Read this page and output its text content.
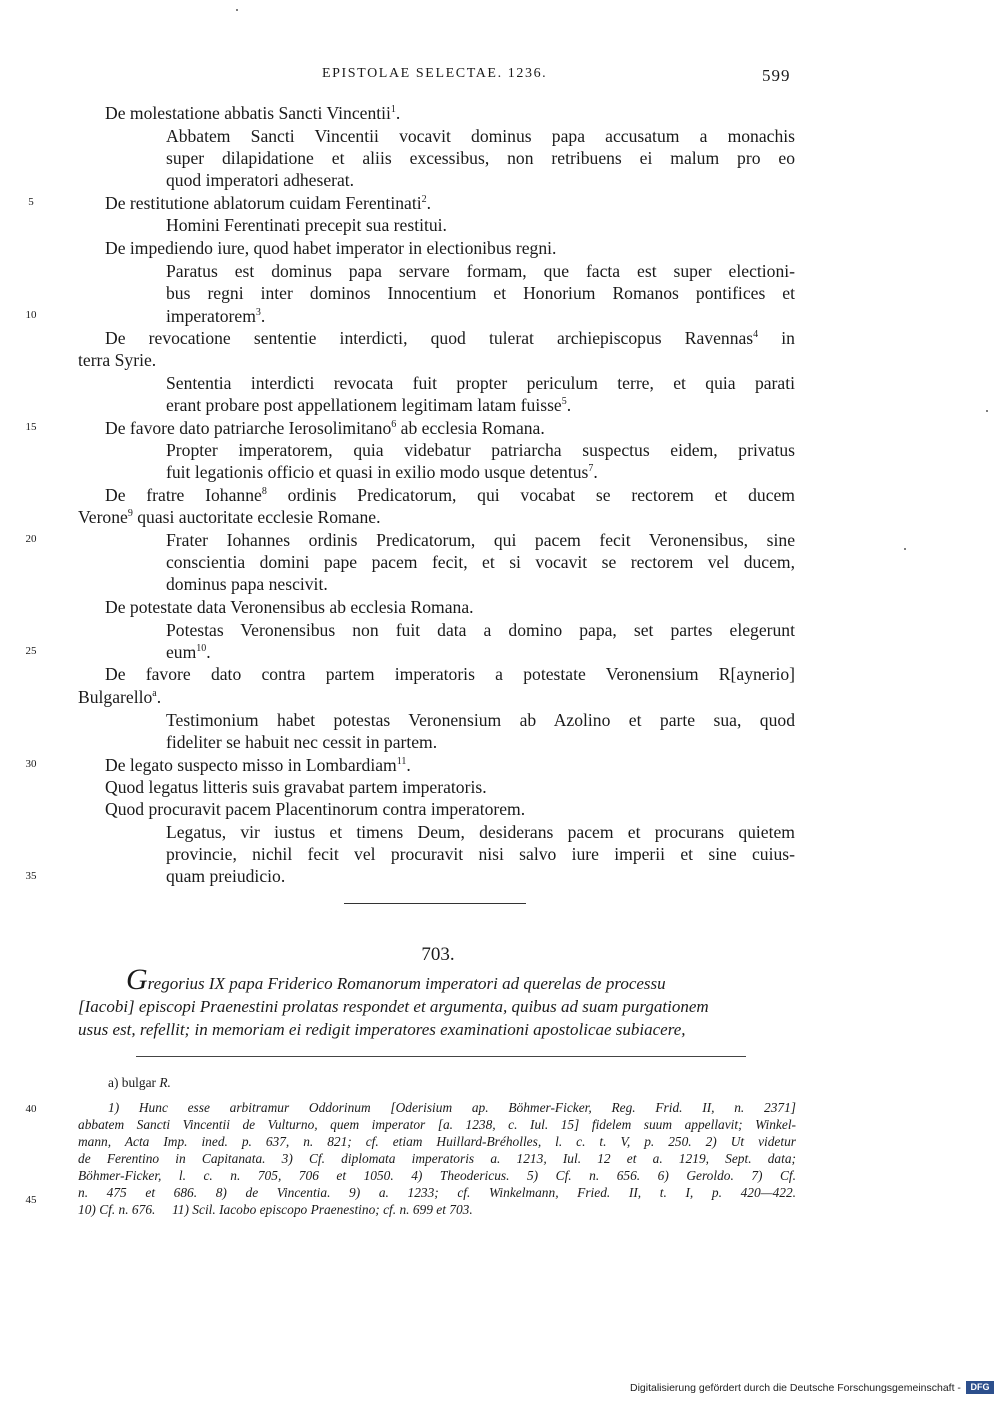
EPISTOLAE SELECTAE. 1236.	599
5
10
15
20
25
30
35
40
45
De molestatione abbatis Sancti Vincentii$^1$.
Abbatem Sancti Vincentii vocavit dominus papa accusatum a monachis
super dilapidatione et aliis excessibus, non retribuens ei malum pro eo
quod imperatori adheserat.
De restitutione ablatorum cuidam Ferentinati$^2$.
Homini Ferentinati precepit sua restitui.
De impediendo iure, quod habet imperator in electionibus regni.
Paratus est dominus papa servare formam, que facta est super electioni-
bus regni inter dominos Innocentium et Honorium Romanos pontifices et
imperatorem$^3$.
De revocatione sententie interdicti, quod tulerat archiepiscopus Ravennas$^4$ in
terra Syrie.
Sententia interdicti revocata fuit propter periculum terre, et quia parati
erant probare post appellationem legitimam latam fuisse$^5$.
De favore dato patriarche Ierosolimitano$^6$ ab ecclesia Romana.
Propter imperatorem, quia videbatur patriarcha suspectus eidem, privatus
fuit legationis officio et quasi in exilio modo usque detentus$^7$.
De fratre Iohanne$^8$ ordinis Predicatorum, qui vocabat se rectorem et ducem
Verone$^9$ quasi auctoritate ecclesie Romane.
Frater Iohannes ordinis Predicatorum, qui pacem fecit Veronensibus, sine
conscientia domini pape pacem fecit, et si vocavit se rectorem vel ducem,
dominus papa nescivit.
De potestate data Veronensibus ab ecclesia Romana.
Potestas Veronensibus non fuit data a domino papa, set partes elegerunt
eum$^{10}$.
De favore dato contra partem imperatoris a potestate Veronensium R[aynerio]
Bulgarello$^a$.
Testimonium habet potestas Veronensium ab Azolino et parte sua, quod
fideliter se habuit nec cessit in partem.
De legato suspecto misso in Lombardiam$^{11}$.
Quod legatus litteris suis gravabat partem imperatoris.
Quod procuravit pacem Placentinorum contra imperatorem.
Legatus, vir iustus et timens Deum, desiderans pacem et procurans quietem
provincie, nichil fecit vel procuravit nisi salvo iure imperii et sine cuius-
quam preiudicio.
703.
Gregorius IX papa Friderico Romanorum imperatori ad querelas de processu
[Iacobi] episcopi Praenestini prolatas respondet et argumenta, quibus ad suam purgationem
usus est, refellit; in memoriam ei redigit imperatores examinationi apostolicae subiacere,
a) bulgar R.
1) Hunc esse arbitramur Oddorinum [Oderisium ap. Böhmer-Ficker, Reg. Frid. II, n. 2371]
abbatem Sancti Vincentii de Vulturno, quem imperator [a. 1238, c. Iul. 15] fidelem suum appellavit; Winkel-
mann, Acta Imp. ined. p. 637, n. 821; cf. etiam Huillard-Bréholles, l. c. t. V, p. 250. 2) Ut videtur
de Ferentino in Capitanata. 3) Cf. diplomata imperatoris a. 1213, Iul. 12 et a. 1219, Sept. data;
Böhmer-Ficker, l. c. n. 705, 706 et 1050. 4) Theodericus. 5) Cf. n. 656. 6) Geroldo. 7) Cf.
n. 475 et 686. 8) de Vincentia. 9) a. 1233; cf. Winkelmann, Fried. II, t. I, p. 420—422.
10) Cf. n. 676.     11) Scil. Iacobo episcopo Praenestino; cf. n. 699 et 703.
Digitalisierung gefördert durch die Deutsche Forschungsgemeinschaft -	DFG
